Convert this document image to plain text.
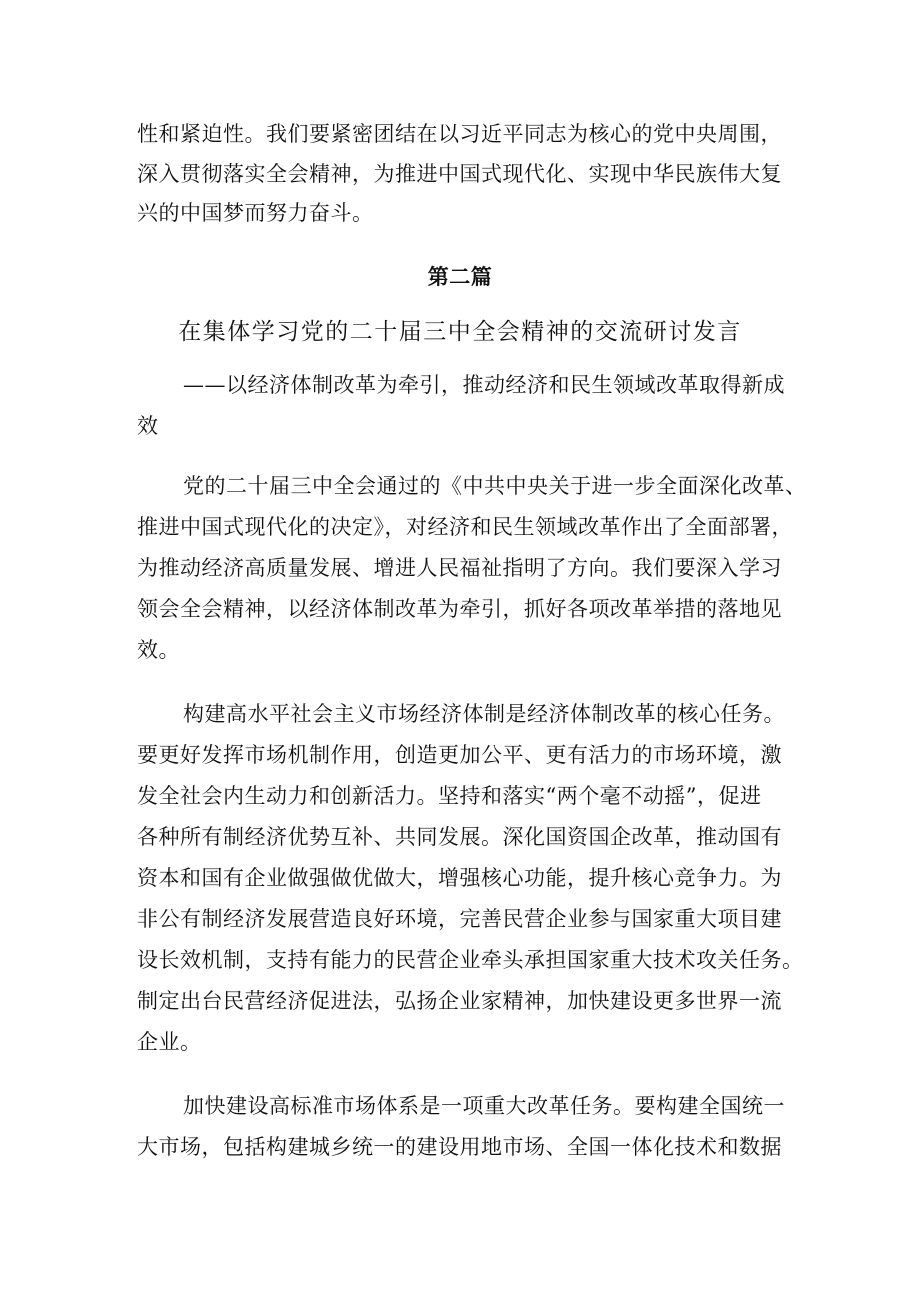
性和紧迫性。我们要紧密团结在以习近平同志为核心的党中央周围，
深入贯彻落实全会精神，为推进中国式现代化、实现中华民族伟大复
兴的中国梦而努力奋斗。
第二篇
在集体学习党的二十届三中全会精神的交流研讨发言
——以经济体制改革为牵引，推动经济和民生领域改革取得新成
效
党的二十届三中全会通过的《中共中央关于进一步全面深化改革、
推进中国式现代化的决定》，对经济和民生领域改革作出了全面部署，
为推动经济高质量发展、增进人民福祉指明了方向。我们要深入学习
领会全会精神，以经济体制改革为牵引，抓好各项改革举措的落地见
效。
构建高水平社会主义市场经济体制是经济体制改革的核心任务。
要更好发挥市场机制作用，创造更加公平、更有活力的市场环境，激
发全社会内生动力和创新活力。坚持和落实“两个毫不动摇”，促进
各种所有制经济优势互补、共同发展。深化国资国企改革，推动国有
资本和国有企业做强做优做大，增强核心功能，提升核心竞争力。为
非公有制经济发展营造良好环境，完善民营企业参与国家重大项目建
设长效机制，支持有能力的民营企业牵头承担国家重大技术攻关任务。
制定出台民营经济促进法，弘扬企业家精神，加快建设更多世界一流
企业。
加快建设高标准市场体系是一项重大改革任务。要构建全国统一
大市场，包括构建城乡统一的建设用地市场、全国一体化技术和数据
